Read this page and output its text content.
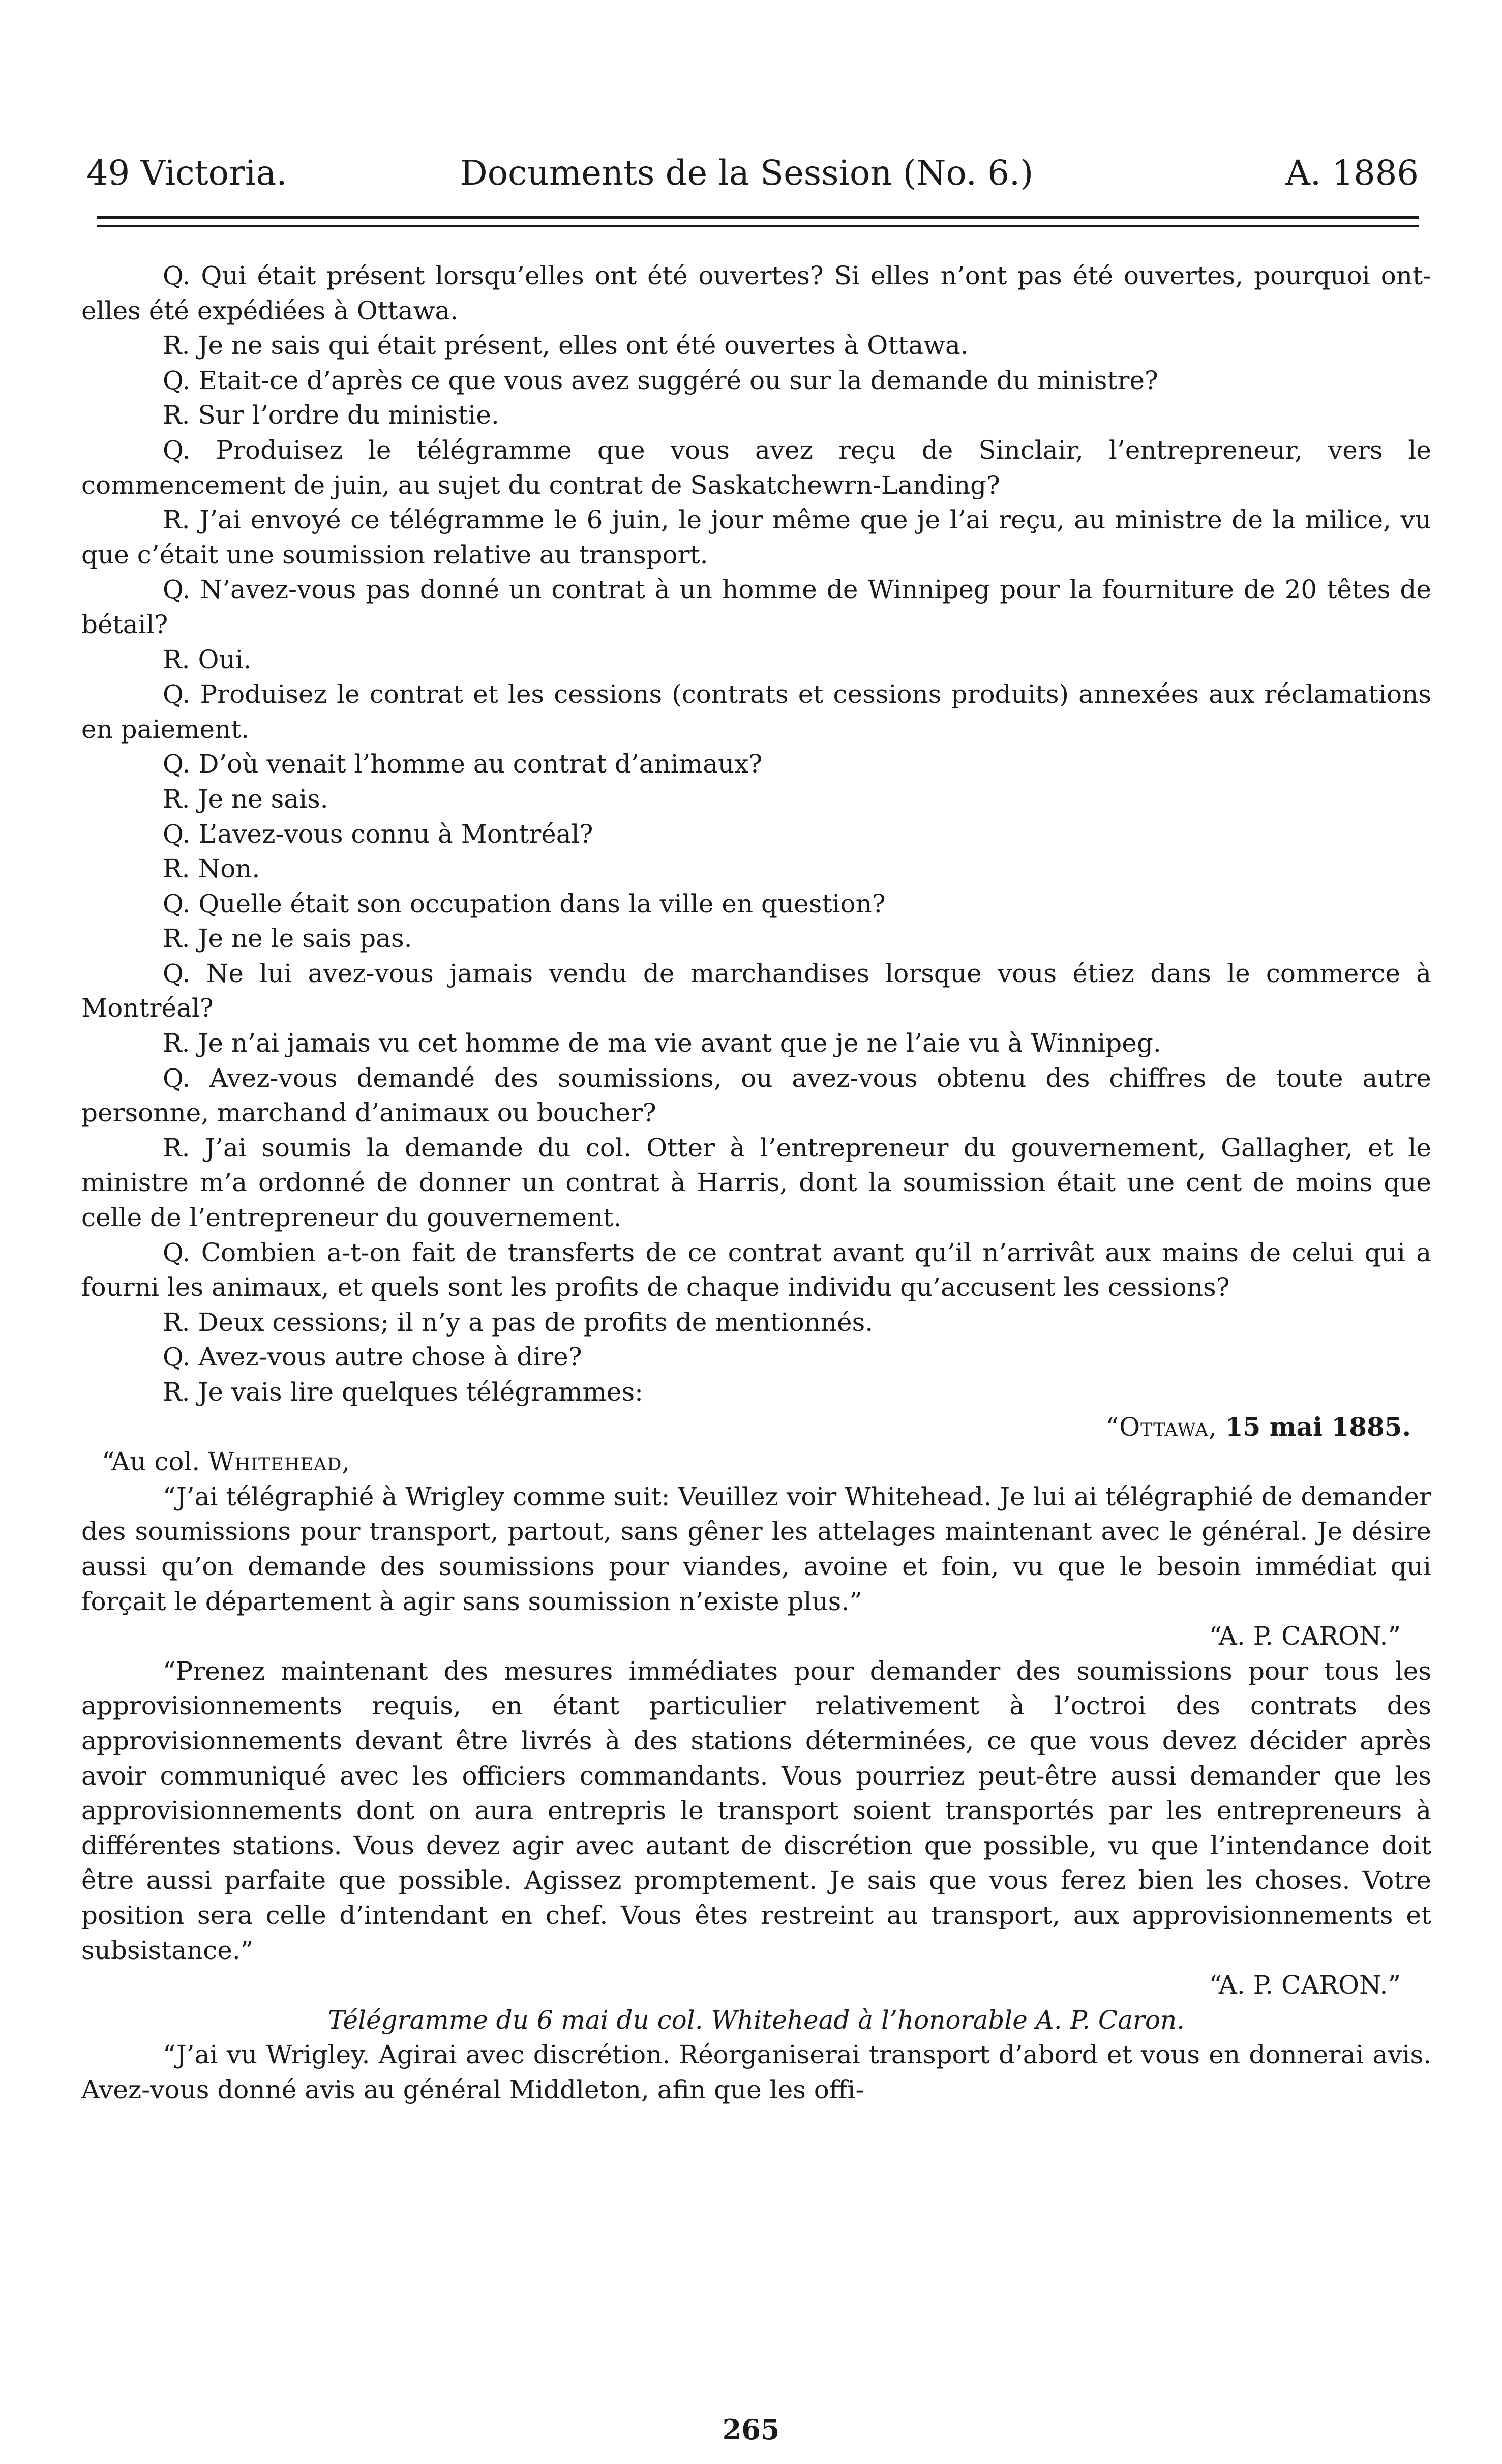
49 Victoria.	Documents de la Session (No. 6.)	A. 1886

Q. Qui était présent lorsqu’elles ont été ouvertes? Si elles n’ont pas été ouvertes, pourquoi ont-elles été expédiées à Ottawa.

R. Je ne sais qui était présent, elles ont été ouvertes à Ottawa.

Q. Etait-ce d’après ce que vous avez suggéré ou sur la demande du ministre?

R. Sur l’ordre du ministie.

Q. Produisez le télégramme que vous avez reçu de Sinclair, l’entrepreneur, vers le commencement de juin, au sujet du contrat de Saskatchewrn-Landing?

R. J’ai envoyé ce télégramme le 6 juin, le jour même que je l’ai reçu, au ministre de la milice, vu que c’était une soumission relative au transport.

Q. N’avez-vous pas donné un contrat à un homme de Winnipeg pour la fourniture de 20 têtes de bétail?

R. Oui.

Q. Produisez le contrat et les cessions (contrats et cessions produits) annexées aux réclamations en paiement.

Q. D’où venait l’homme au contrat d’animaux?

R. Je ne sais.

Q. L’avez-vous connu à Montréal?

R. Non.

Q. Quelle était son occupation dans la ville en question?

R. Je ne le sais pas.

Q. Ne lui avez-vous jamais vendu de marchandises lorsque vous étiez dans le commerce à Montréal?

R. Je n’ai jamais vu cet homme de ma vie avant que je ne l’aie vu à Winnipeg.

Q. Avez-vous demandé des soumissions, ou avez-vous obtenu des chiffres de toute autre personne, marchand d’animaux ou boucher?

R. J’ai soumis la demande du col. Otter à l’entrepreneur du gouvernement, Gallagher, et le ministre m’a ordonné de donner un contrat à Harris, dont la soumission était une cent de moins que celle de l’entrepreneur du gouvernement.

Q. Combien a-t-on fait de transferts de ce contrat avant qu’il n’arrivât aux mains de celui qui a fourni les animaux, et quels sont les profits de chaque individu qu’accusent les cessions?

R. Deux cessions; il n’y a pas de profits de mentionnés.

Q. Avez-vous autre chose à dire?

R. Je vais lire quelques télégrammes:

“Ottawa, 15 mai 1885.

“Au col. Whitehead,

“J’ai télégraphié à Wrigley comme suit: Veuillez voir Whitehead. Je lui ai télégraphié de demander des soumissions pour transport, partout, sans gêner les attelages maintenant avec le général. Je désire aussi qu’on demande des soumissions pour viandes, avoine et foin, vu que le besoin immédiat qui forçait le département à agir sans soumission n’existe plus.”

“A. P. CARON.”

“Prenez maintenant des mesures immédiates pour demander des soumissions pour tous les approvisionnements requis, en étant particulier relativement à l’octroi des contrats des approvisionnements devant être livrés à des stations déterminées, ce que vous devez décider après avoir communiqué avec les officiers commandants. Vous pourriez peut-être aussi demander que les approvisionnements dont on aura entrepris le transport soient transportés par les entrepreneurs à différentes stations. Vous devez agir avec autant de discrétion que possible, vu que l’intendance doit être aussi parfaite que possible. Agissez promptement. Je sais que vous ferez bien les choses. Votre position sera celle d’intendant en chef. Vous êtes restreint au transport, aux approvisionnements et subsistance.”

“A. P. CARON.”

Télégramme du 6 mai du col. Whitehead à l’honorable A. P. Caron.

“J’ai vu Wrigley. Agirai avec discrétion. Réorganiserai transport d’abord et vous en donnerai avis. Avez-vous donné avis au général Middleton, afin que les offi-

265
